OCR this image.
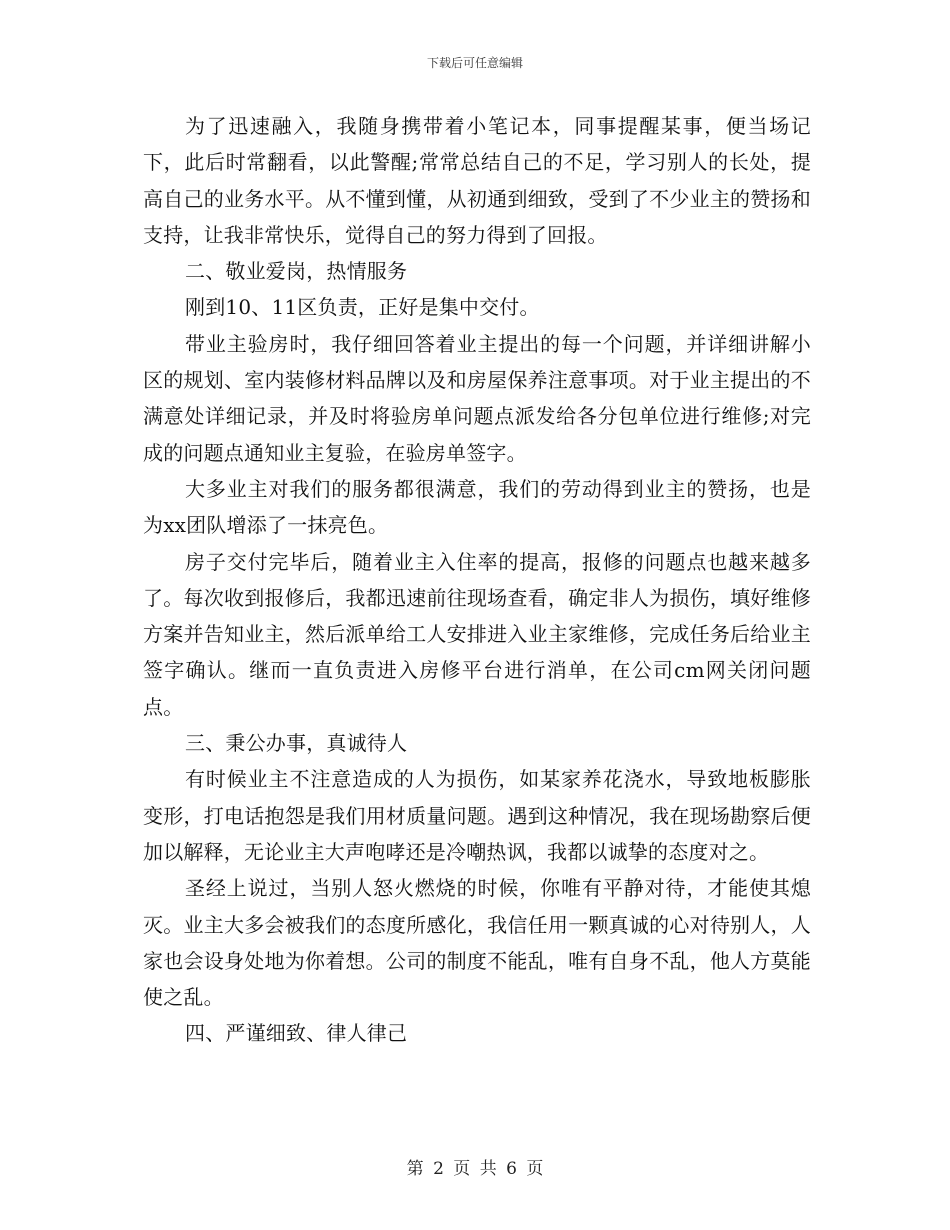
下载后可任意编辑

为了迅速融入，我随身携带着小笔记本，同事提醒某事，便当场记下，此后时常翻看，以此警醒;常常总结自己的不足，学习别人的长处，提高自己的业务水平。从不懂到懂，从初通到细致，受到了不少业主的赞扬和支持，让我非常快乐，觉得自己的努力得到了回报。

二、敬业爱岗，热情服务

刚到10、11区负责，正好是集中交付。

带业主验房时，我仔细回答着业主提出的每一个问题，并详细讲解小区的规划、室内装修材料品牌以及和房屋保养注意事项。对于业主提出的不满意处详细记录，并及时将验房单问题点派发给各分包单位进行维修;对完成的问题点通知业主复验，在验房单签字。

大多业主对我们的服务都很满意，我们的劳动得到业主的赞扬，也是为xx团队增添了一抹亮色。

房子交付完毕后，随着业主入住率的提高，报修的问题点也越来越多了。每次收到报修后，我都迅速前往现场查看，确定非人为损伤，填好维修方案并告知业主，然后派单给工人安排进入业主家维修，完成任务后给业主签字确认。继而一直负责进入房修平台进行消单，在公司cm网关闭问题点。

三、秉公办事，真诚待人

有时候业主不注意造成的人为损伤，如某家养花浇水，导致地板膨胀变形，打电话抱怨是我们用材质量问题。遇到这种情况，我在现场勘察后便加以解释，无论业主大声咆哮还是冷嘲热讽，我都以诚挚的态度对之。

圣经上说过，当别人怒火燃烧的时候，你唯有平静对待，才能使其熄灭。业主大多会被我们的态度所感化，我信任用一颗真诚的心对待别人，人家也会设身处地为你着想。公司的制度不能乱，唯有自身不乱，他人方莫能使之乱。

四、严谨细致、律人律己

第 2 页 共 6 页
